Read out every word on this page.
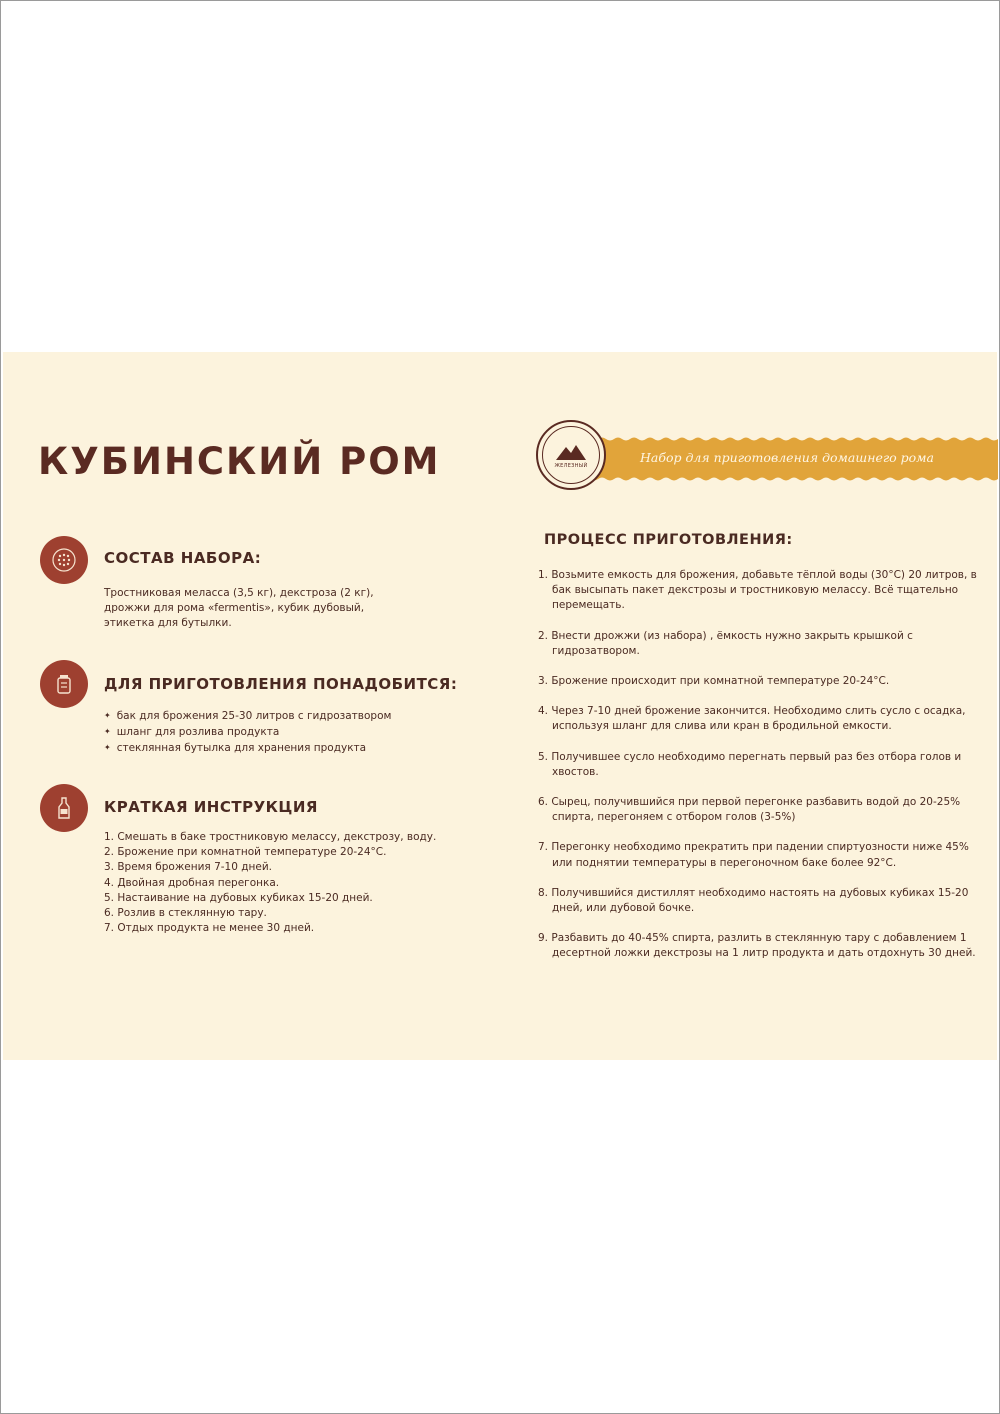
КУБИНСКИЙ РОМ	Набор для приготовления домашнего рома
ЖЕЛЕЗНЫЙ
СОСТАВ НАБОРА:
Тростниковая меласса (3,5 кг), декстроза (2 кг),
дрожжи для рома «fermentis», кубик дубовый,
этикетка для бутылки.
ДЛЯ ПРИГОТОВЛЕНИЯ ПОНАДОБИТСЯ:
✦ бак для брожения 25-30 литров с гидрозатвором
✦ шланг для розлива продукта
✦ стеклянная бутылка для хранения продукта
КРАТКАЯ ИНСТРУКЦИЯ
1. Смешать в баке тростниковую мелассу, декстрозу, воду.
2. Брожение при комнатной температуре 20-24°C.
3. Время брожения 7-10 дней.
4. Двойная дробная перегонка.
5. Настаивание на дубовых кубиках 15-20 дней.
6. Розлив в стеклянную тару.
7. Отдых продукта не менее 30 дней.
ПРОЦЕСС ПРИГОТОВЛЕНИЯ:
1. Возьмите емкость для брожения, добавьте тёплой воды (30°C) 20 литров, в бак высыпать пакет декстрозы и тростниковую мелассу. Всё тщательно перемещать.
2. Внести дрожжи (из набора) , ёмкость нужно закрыть крышкой с гидрозатвором.
3. Брожение происходит при комнатной температуре 20-24°C.
4. Через 7-10 дней брожение закончится. Необходимо слить сусло с осадка, используя шланг для слива или кран в бродильной емкости.
5. Получившее сусло необходимо перегнать первый раз без отбора голов и хвостов.
6. Сырец, получившийся при первой перегонке разбавить водой до 20-25% спирта, перегоняем с отбором голов (3-5%)
7. Перегонку необходимо прекратить при падении спиртуозности ниже 45% или поднятии температуры в перегоночном баке более 92°C.
8. Получившийся дистиллят необходимо настоять на дубовых кубиках 15-20 дней, или дубовой бочке.
9. Разбавить до 40-45% спирта, разлить в стеклянную тару с добавлением 1 десертной ложки декстрозы на 1 литр продукта и дать отдохнуть 30 дней.
